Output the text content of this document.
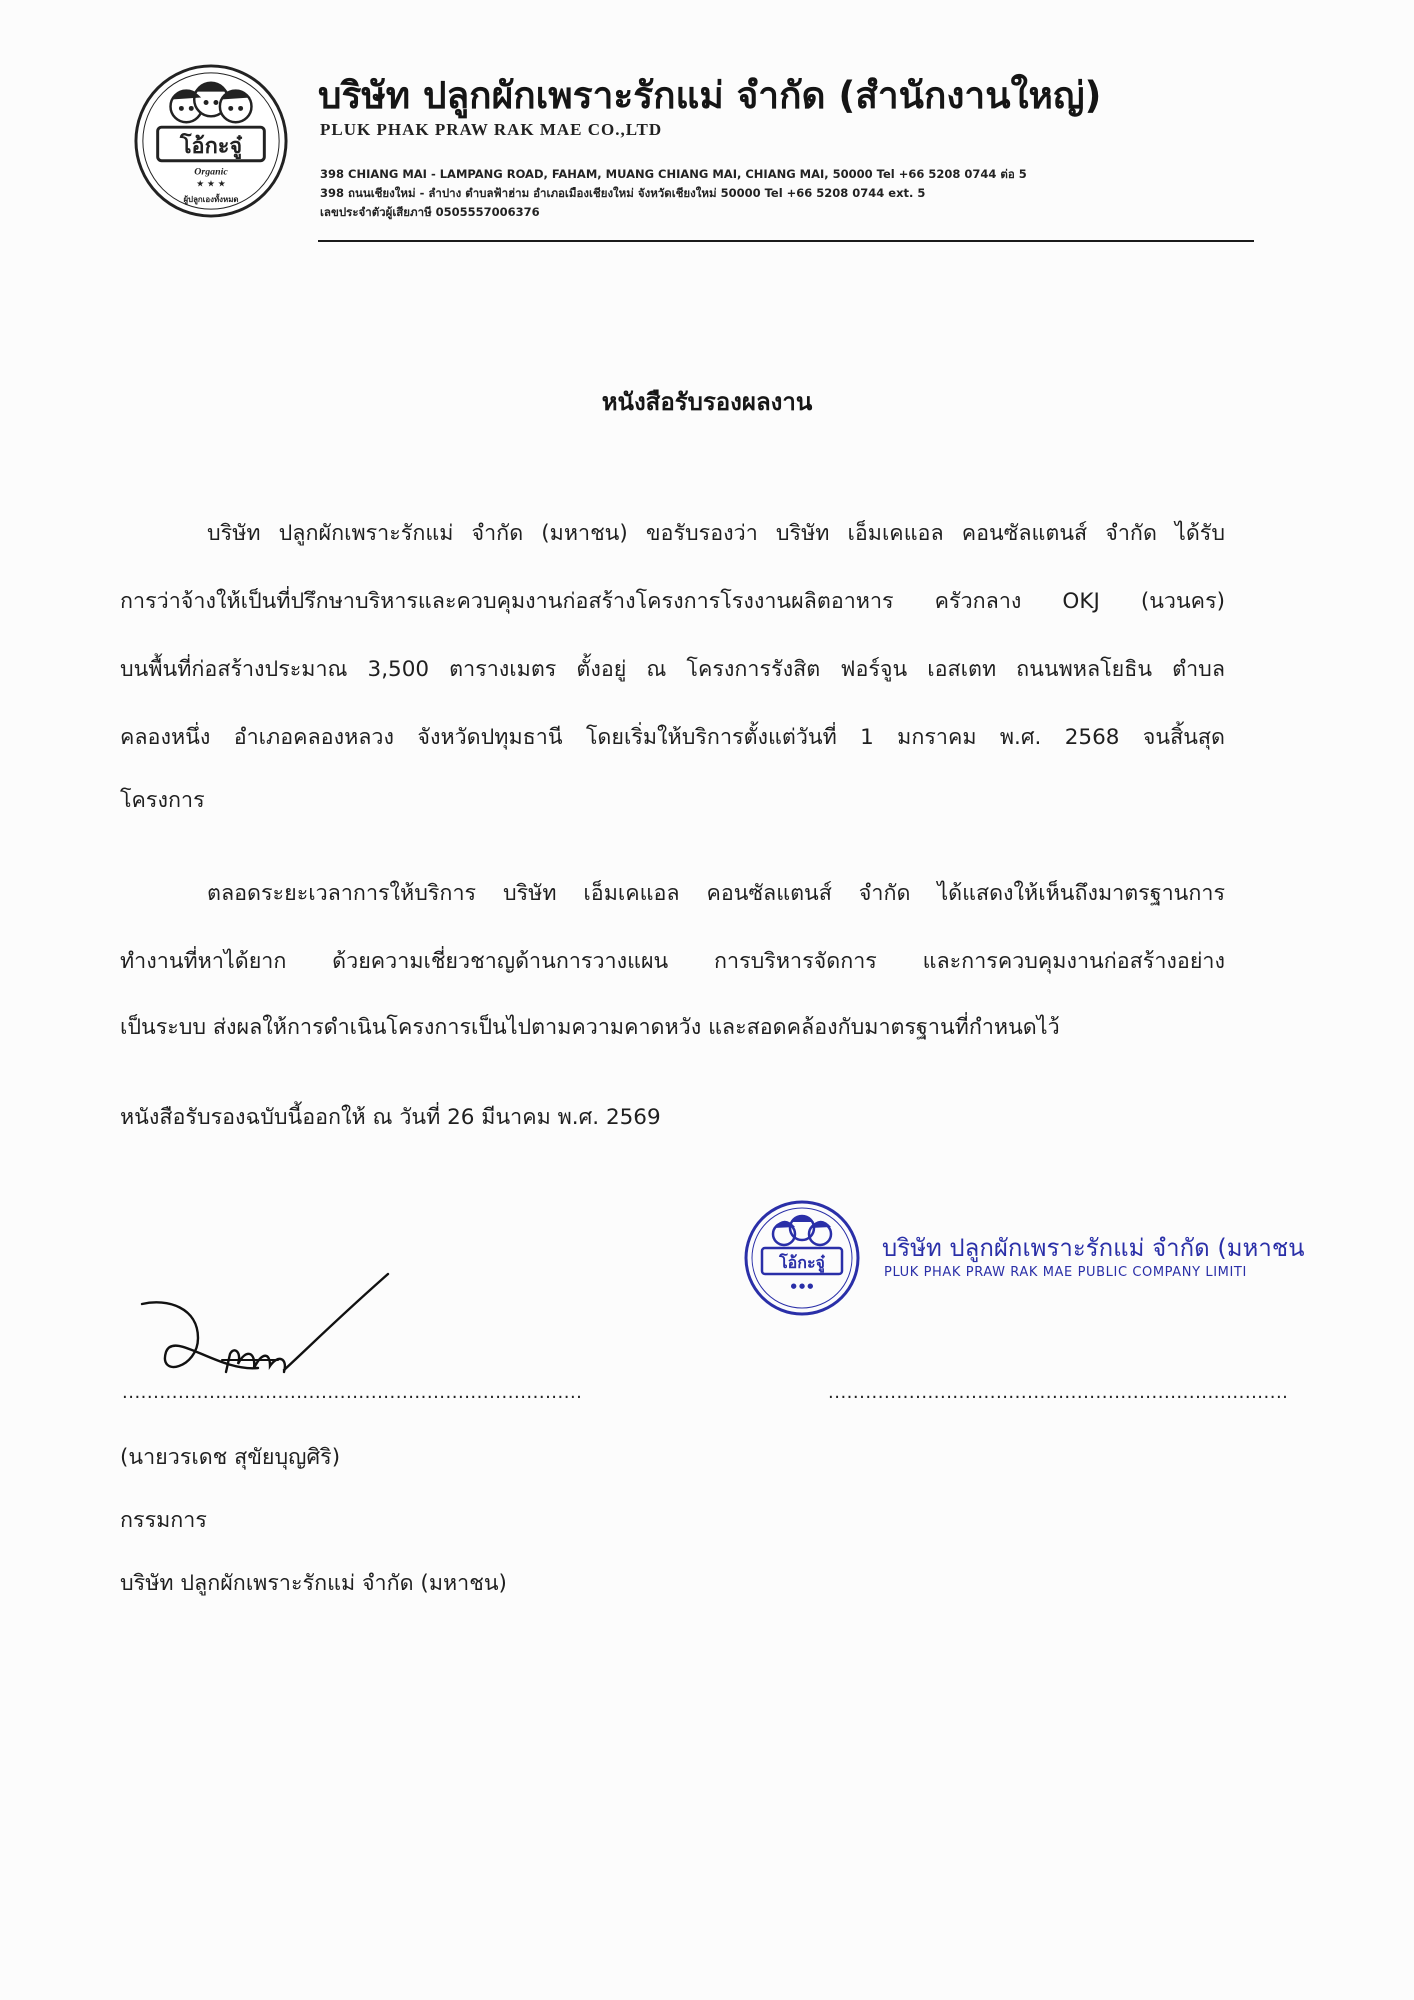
โอ้กะจู๋
Organic
★ ★ ★
ผู้ปลูกเองทั้งหมด
บริษัท ปลูกผักเพราะรักแม่ จำกัด (สำนักงานใหญ่)
PLUK PHAK PRAW RAK MAE CO.,LTD
398 CHIANG MAI - LAMPANG ROAD, FAHAM, MUANG CHIANG MAI, CHIANG MAI, 50000 Tel +66 5208 0744 ต่อ 5
398 ถนนเชียงใหม่ - ลำปาง ตำบลฟ้าฮ่าม อำเภอเมืองเชียงใหม่ จังหวัดเชียงใหม่ 50000 Tel +66 5208 0744 ext. 5
เลขประจำตัวผู้เสียภาษี 0505557006376
หนังสือรับรองผลงาน
บริษัท ปลูกผักเพราะรักแม่ จำกัด (มหาชน) ขอรับรองว่า บริษัท เอ็มเคแอล คอนซัลแตนส์ จำกัด ได้รับ
การว่าจ้างให้เป็นที่ปรึกษาบริหารและควบคุมงานก่อสร้างโครงการโรงงานผลิตอาหาร ครัวกลาง OKJ (นวนคร)
บนพื้นที่ก่อสร้างประมาณ 3,500 ตารางเมตร ตั้งอยู่ ณ โครงการรังสิต ฟอร์จูน เอสเตท ถนนพหลโยธิน ตำบล
คลองหนึ่ง อำเภอคลองหลวง จังหวัดปทุมธานี โดยเริ่มให้บริการตั้งแต่วันที่ 1 มกราคม พ.ศ. 2568 จนสิ้นสุด
โครงการ
ตลอดระยะเวลาการให้บริการ บริษัท เอ็มเคแอล คอนซัลแตนส์ จำกัด ได้แสดงให้เห็นถึงมาตรฐานการ
ทำงานที่หาได้ยาก ด้วยความเชี่ยวชาญด้านการวางแผน การบริหารจัดการ และการควบคุมงานก่อสร้างอย่าง
เป็นระบบ ส่งผลให้การดำเนินโครงการเป็นไปตามความคาดหวัง และสอดคล้องกับมาตรฐานที่กำหนดไว้
หนังสือรับรองฉบับนี้ออกให้ ณ วันที่ 26 มีนาคม พ.ศ. 2569
โอ้กะจู๋
● ● ●
บริษัท ปลูกผักเพราะรักแม่ จำกัด (มหาชน
PLUK PHAK PRAW RAK MAE PUBLIC COMPANY LIMITI
..........................................................................	..........................................................................
(นายวรเดช สุขัยบุญศิริ)
กรรมการ
บริษัท ปลูกผักเพราะรักแม่ จำกัด (มหาชน)
